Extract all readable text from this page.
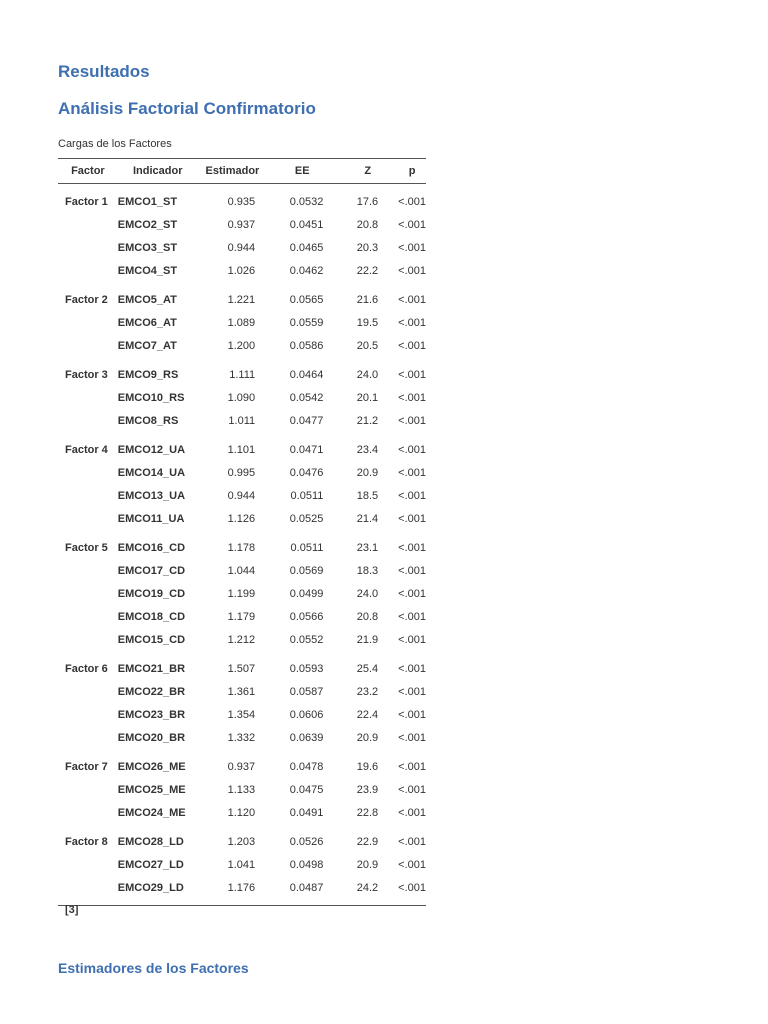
Resultados
Análisis Factorial Confirmatorio
Cargas de los Factores
Factor	Indicador	Estimador	EE	Z	p
Factor 1	EMCO1_ST	0.935	0.0532	17.6	<.001
	EMCO2_ST	0.937	0.0451	20.8	<.001
	EMCO3_ST	0.944	0.0465	20.3	<.001
	EMCO4_ST	1.026	0.0462	22.2	<.001
Factor 2	EMCO5_AT	1.221	0.0565	21.6	<.001
	EMCO6_AT	1.089	0.0559	19.5	<.001
	EMCO7_AT	1.200	0.0586	20.5	<.001
Factor 3	EMCO9_RS	1.111	0.0464	24.0	<.001
	EMCO10_RS	1.090	0.0542	20.1	<.001
	EMCO8_RS	1.011	0.0477	21.2	<.001
Factor 4	EMCO12_UA	1.101	0.0471	23.4	<.001
	EMCO14_UA	0.995	0.0476	20.9	<.001
	EMCO13_UA	0.944	0.0511	18.5	<.001
	EMCO11_UA	1.126	0.0525	21.4	<.001
Factor 5	EMCO16_CD	1.178	0.0511	23.1	<.001
	EMCO17_CD	1.044	0.0569	18.3	<.001
	EMCO19_CD	1.199	0.0499	24.0	<.001
	EMCO18_CD	1.179	0.0566	20.8	<.001
	EMCO15_CD	1.212	0.0552	21.9	<.001
Factor 6	EMCO21_BR	1.507	0.0593	25.4	<.001
	EMCO22_BR	1.361	0.0587	23.2	<.001
	EMCO23_BR	1.354	0.0606	22.4	<.001
	EMCO20_BR	1.332	0.0639	20.9	<.001
Factor 7	EMCO26_ME	0.937	0.0478	19.6	<.001
	EMCO25_ME	1.133	0.0475	23.9	<.001
	EMCO24_ME	1.120	0.0491	22.8	<.001
Factor 8	EMCO28_LD	1.203	0.0526	22.9	<.001
	EMCO27_LD	1.041	0.0498	20.9	<.001
	EMCO29_LD	1.176	0.0487	24.2	<.001
[3]
Estimadores de los Factores
